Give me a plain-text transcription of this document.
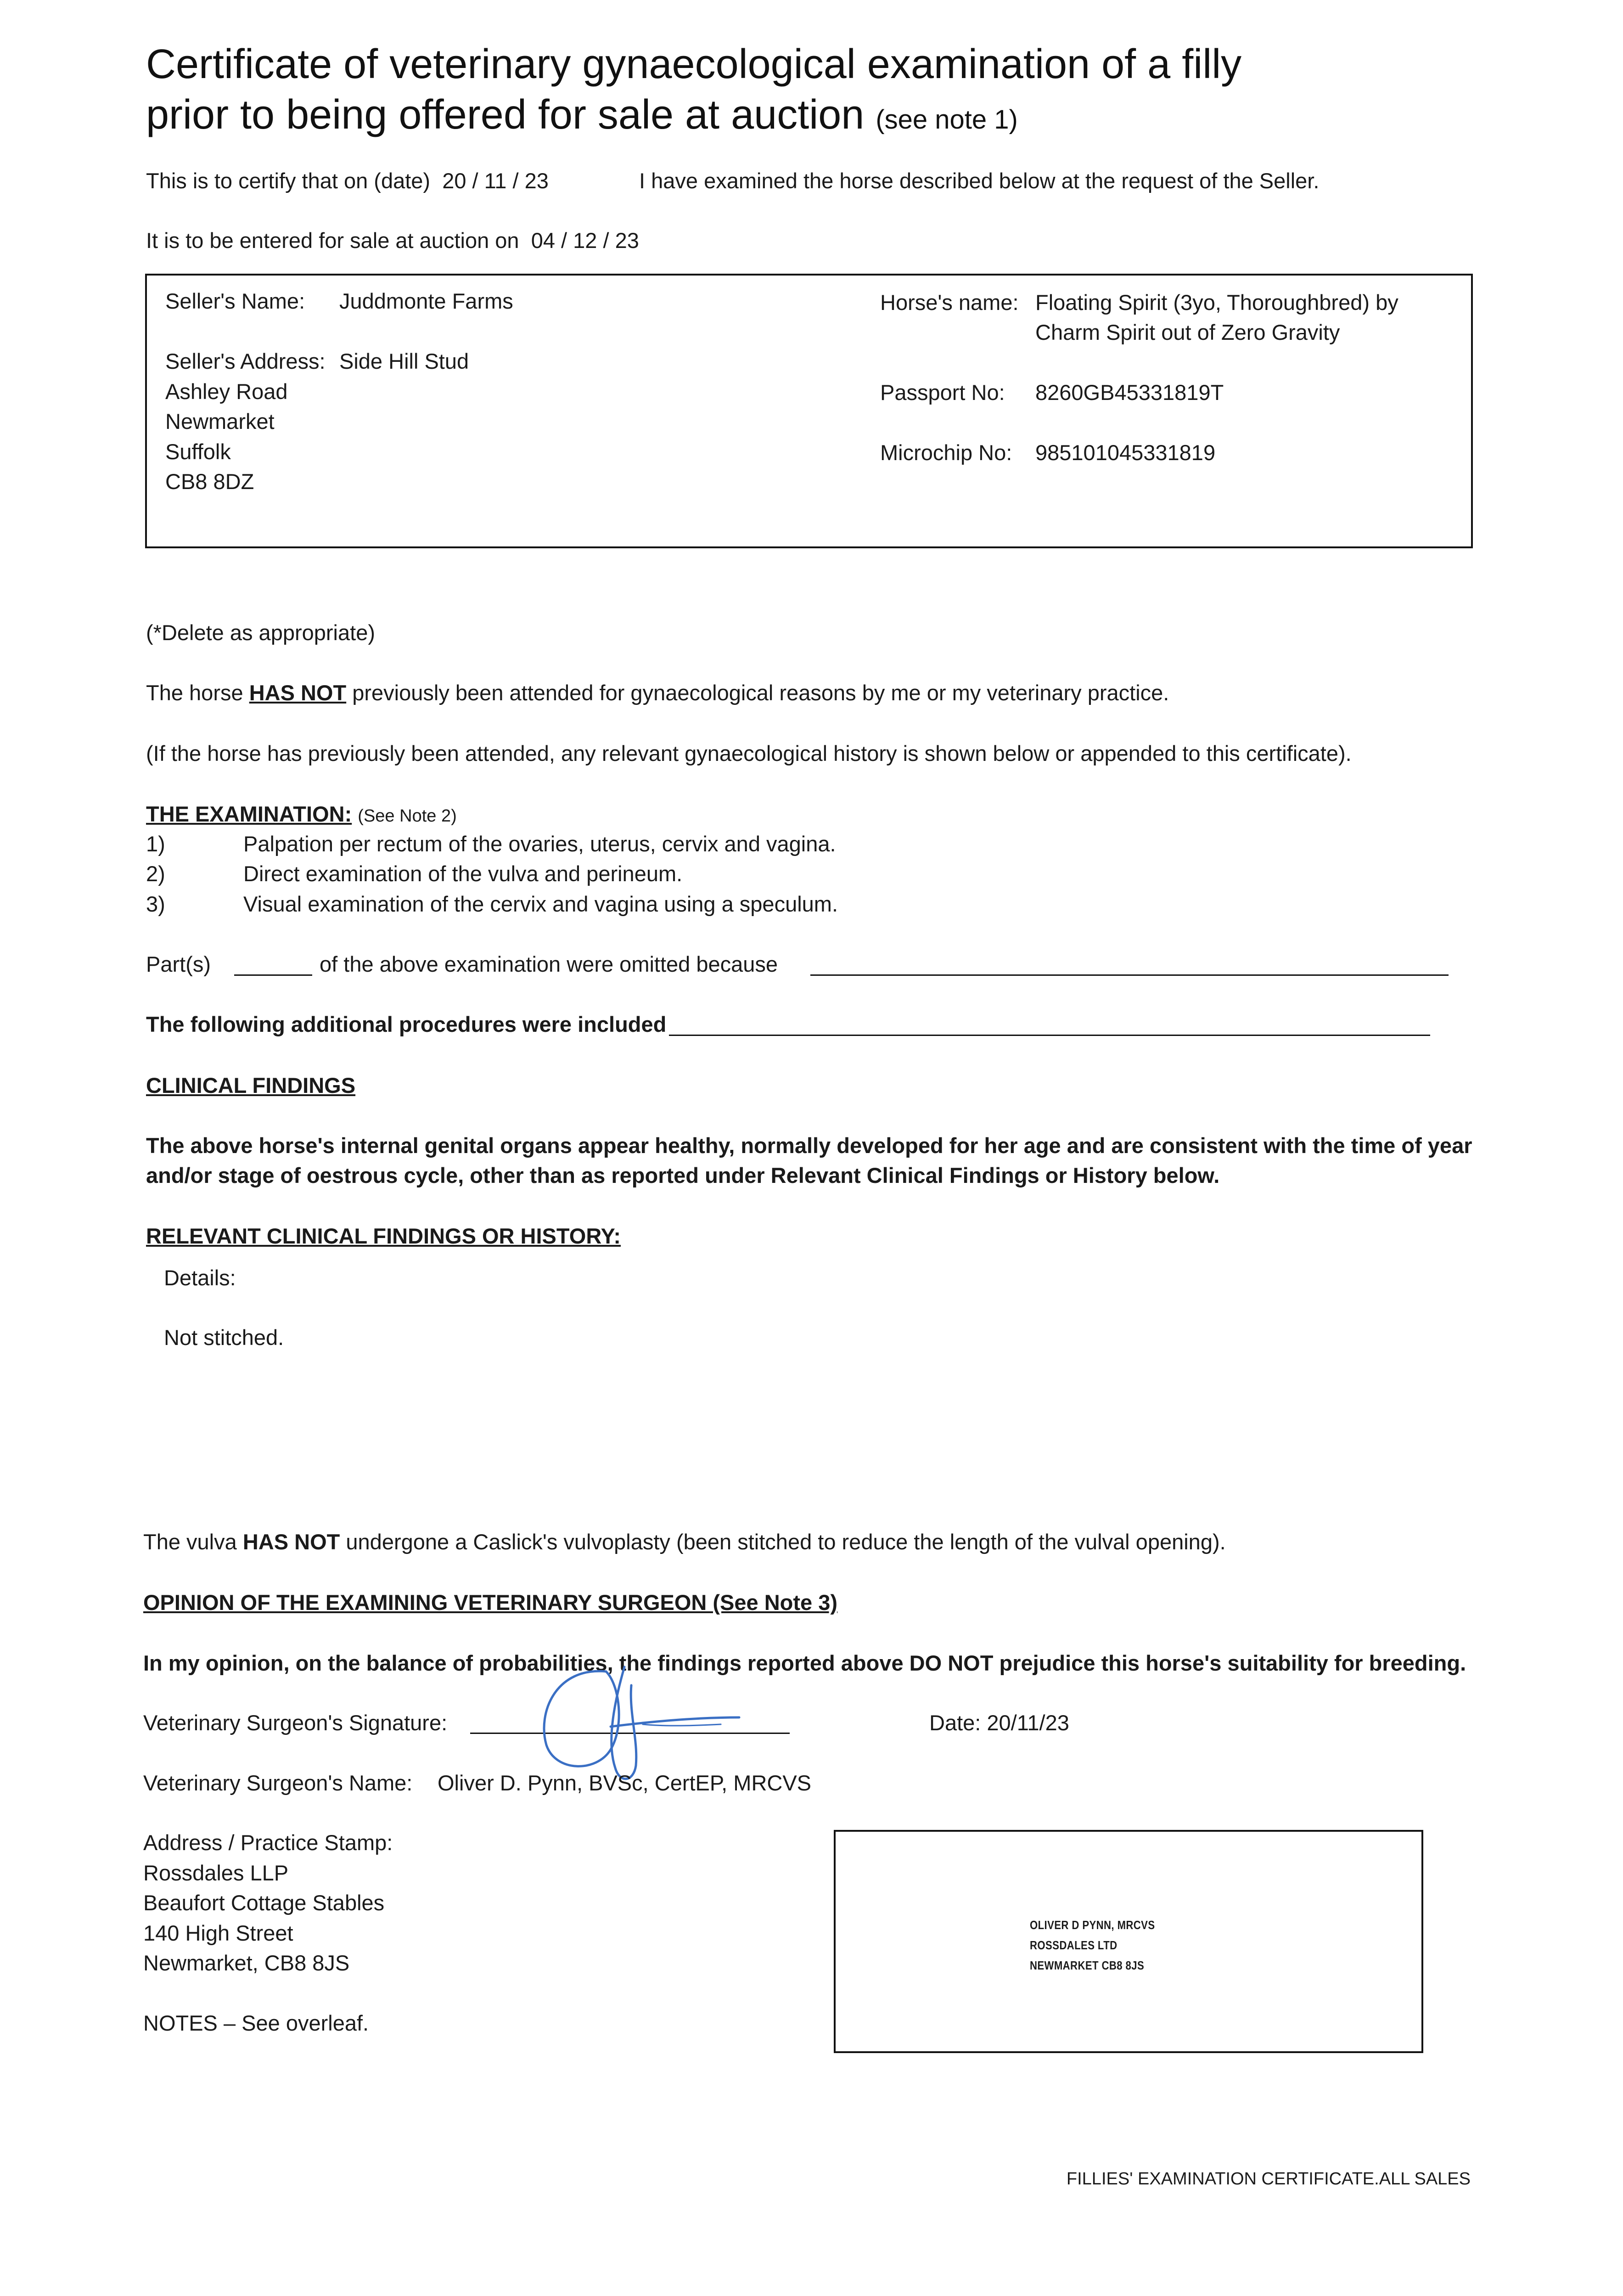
Certificate of veterinary gynaecological examination of a filly
prior to being offered for sale at auction (see note 1)
This is to certify that on (date) 20 / 11 / 23	I have examined the horse described below at the request of the Seller.
It is to be entered for sale at auction on 04 / 12 / 23
Seller's Name: Juddmonte Farms
Seller's Address: Side Hill Stud
Ashley Road
Newmarket
Suffolk
CB8 8DZ
Horse's name: Floating Spirit (3yo, Thoroughbred) by
Charm Spirit out of Zero Gravity
Passport No: 8260GB45331819T
Microchip No: 985101045331819
(*Delete as appropriate)
The horse HAS NOT previously been attended for gynaecological reasons by me or my veterinary practice.
(If the horse has previously been attended, any relevant gynaecological history is shown below or appended to this certificate).
THE EXAMINATION: (See Note 2)
1)	Palpation per rectum of the ovaries, uterus, cervix and vagina.
2)	Direct examination of the vulva and perineum.
3)	Visual examination of the cervix and vagina using a speculum.
Part(s)	of the above examination were omitted because
The following additional procedures were included
CLINICAL FINDINGS
The above horse's internal genital organs appear healthy, normally developed for her age and are consistent with the time of year
and/or stage of oestrous cycle, other than as reported under Relevant Clinical Findings or History below.
RELEVANT CLINICAL FINDINGS OR HISTORY:
Details:
Not stitched.
The vulva HAS NOT undergone a Caslick's vulvoplasty (been stitched to reduce the length of the vulval opening).
OPINION OF THE EXAMINING VETERINARY SURGEON (See Note 3)
In my opinion, on the balance of probabilities, the findings reported above DO NOT prejudice this horse's suitability for breeding.
Veterinary Surgeon's Signature:	Date: 20/11/23
Veterinary Surgeon's Name: Oliver D. Pynn, BVSc, CertEP, MRCVS
Address / Practice Stamp:
Rossdales LLP
Beaufort Cottage Stables
140 High Street
Newmarket, CB8 8JS
OLIVER D PYNN, MRCVS
ROSSDALES LTD
NEWMARKET CB8 8JS
NOTES – See overleaf.
FILLIES' EXAMINATION CERTIFICATE.ALL SALES
